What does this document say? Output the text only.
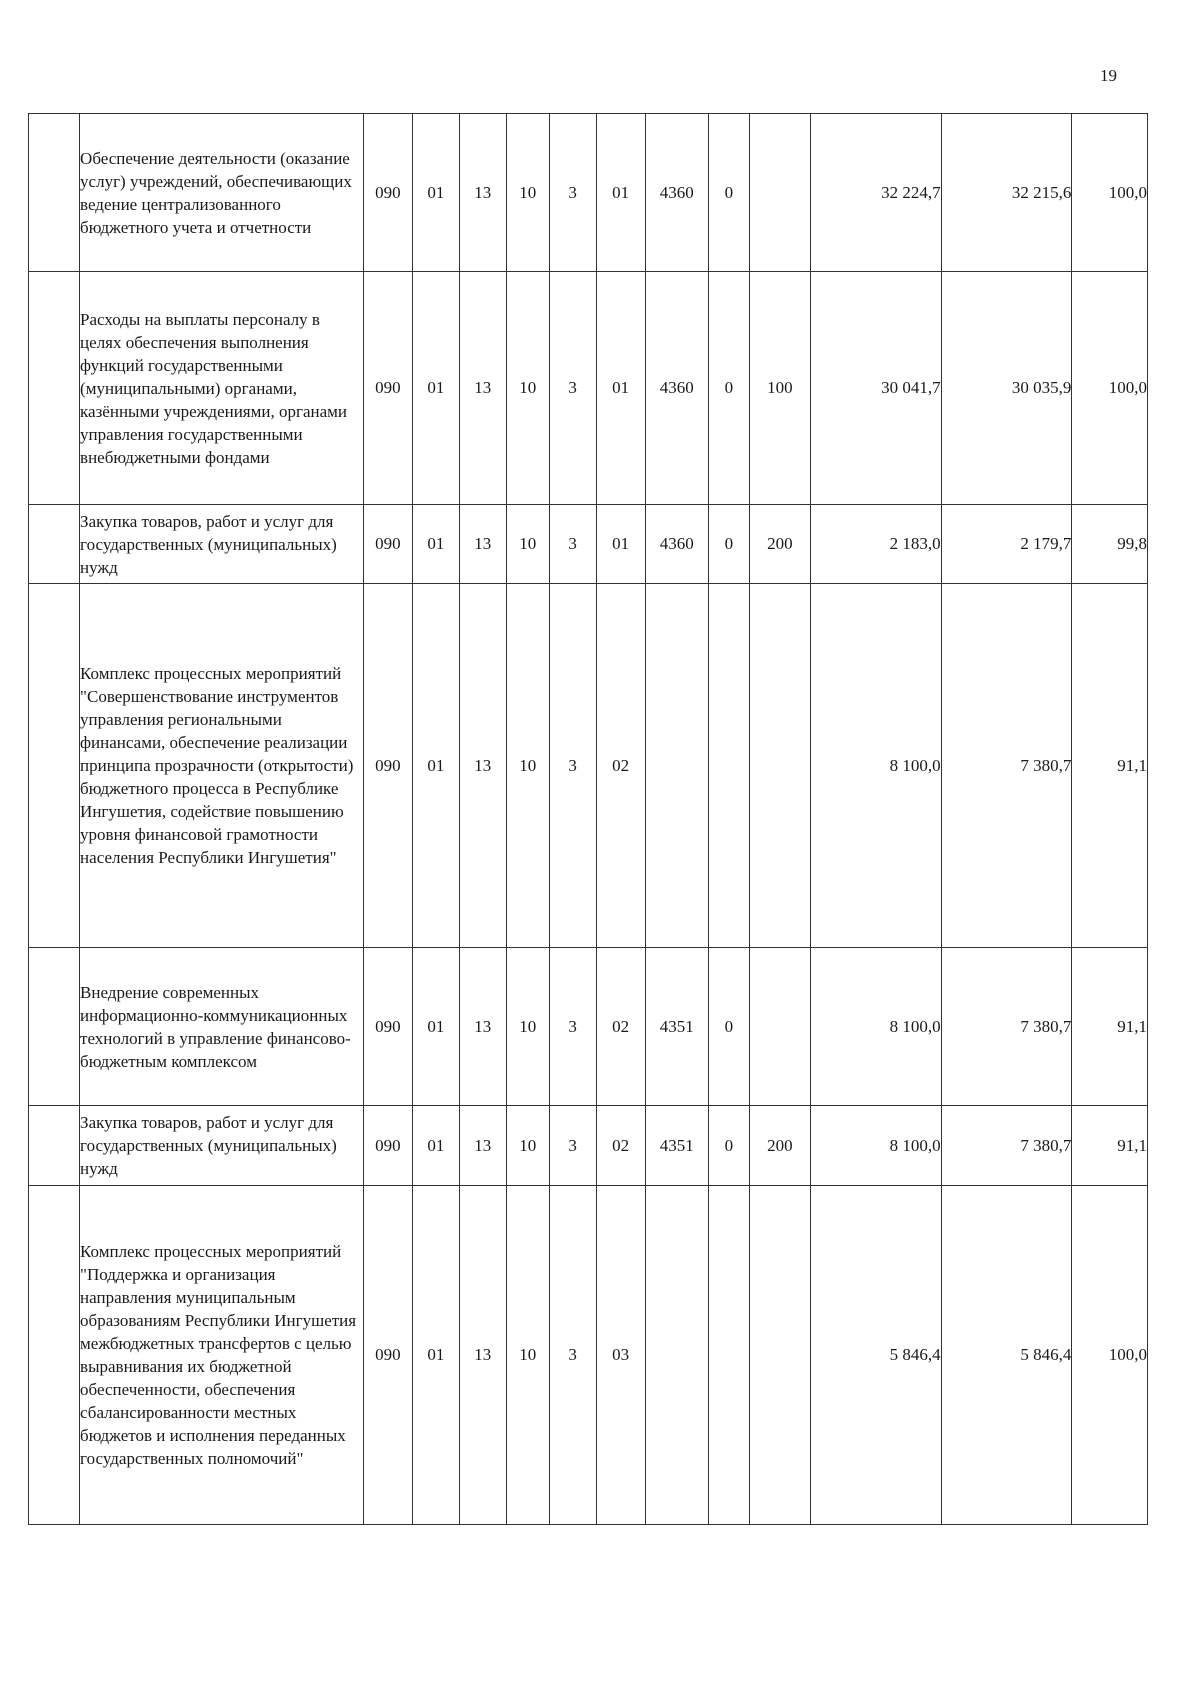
19
	Обеспечение деятельности (оказание услуг) учреждений, обеспечивающих ведение централизованного бюджетного учета и отчетности	090	01	13	10	3	01	4360	0		32 224,7	32 215,6	100,0
	Расходы на выплаты персоналу в целях обеспечения выполнения функций государственными (муниципальными) органами, казёнными учреждениями, органами управления государственными внебюджетными фондами	090	01	13	10	3	01	4360	0	100	30 041,7	30 035,9	100,0
	Закупка товаров, работ и услуг для государственных (муниципальных) нужд	090	01	13	10	3	01	4360	0	200	2 183,0	2 179,7	99,8
	Комплекс процессных мероприятий "Совершенствование инструментов управления региональными финансами, обеспечение реализации принципа прозрачности (открытости) бюджетного процесса в Республике Ингушетия, содействие повышению уровня финансовой грамотности населения Республики Ингушетия"	090	01	13	10	3	02				8 100,0	7 380,7	91,1
	Внедрение современных информационно-коммуникационных технологий в управление финансово-бюджетным комплексом	090	01	13	10	3	02	4351	0		8 100,0	7 380,7	91,1
	Закупка товаров, работ и услуг для государственных (муниципальных) нужд	090	01	13	10	3	02	4351	0	200	8 100,0	7 380,7	91,1
	Комплекс процессных мероприятий "Поддержка и организация направления муниципальным образованиям Республики Ингушетия межбюджетных трансфертов с целью выравнивания их бюджетной обеспеченности, обеспечения сбалансированности местных бюджетов и исполнения переданных государственных полномочий"	090	01	13	10	3	03				5 846,4	5 846,4	100,0
